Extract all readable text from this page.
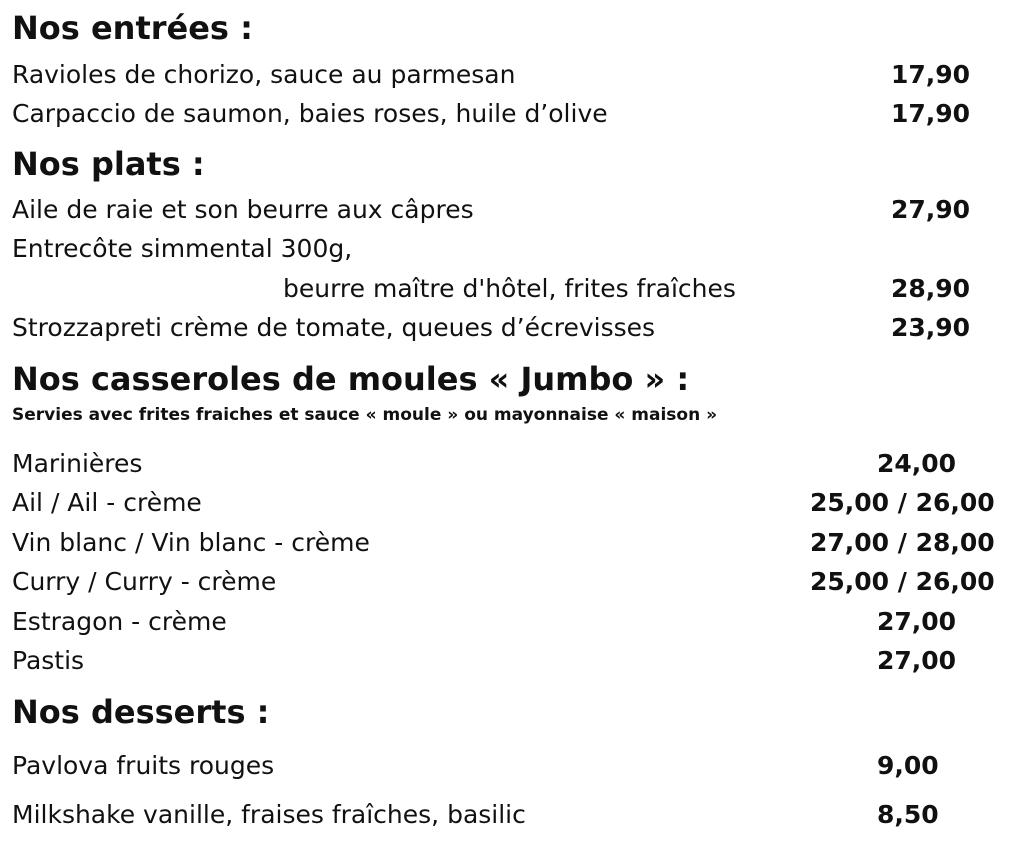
Nos entrées :
Ravioles de chorizo, sauce au parmesan	17,90
Carpaccio de saumon, baies roses, huile d’olive	17,90
Nos plats :
Aile de raie et son beurre aux câpres	27,90
Entrecôte simmental 300g,
beurre maître d'hôtel, frites fraîches	28,90
Strozzapreti crème de tomate, queues d’écrevisses	23,90
Nos casseroles de moules « Jumbo » :
Servies avec frites fraiches et sauce « moule » ou mayonnaise « maison »
Marinières	24,00
Ail / Ail - crème	25,00 / 26,00
Vin blanc / Vin blanc - crème	27,00 / 28,00
Curry / Curry - crème	25,00 / 26,00
Estragon - crème	27,00
Pastis	27,00
Nos desserts :
Pavlova fruits rouges	9,00
Milkshake vanille, fraises fraîches, basilic	8,50
